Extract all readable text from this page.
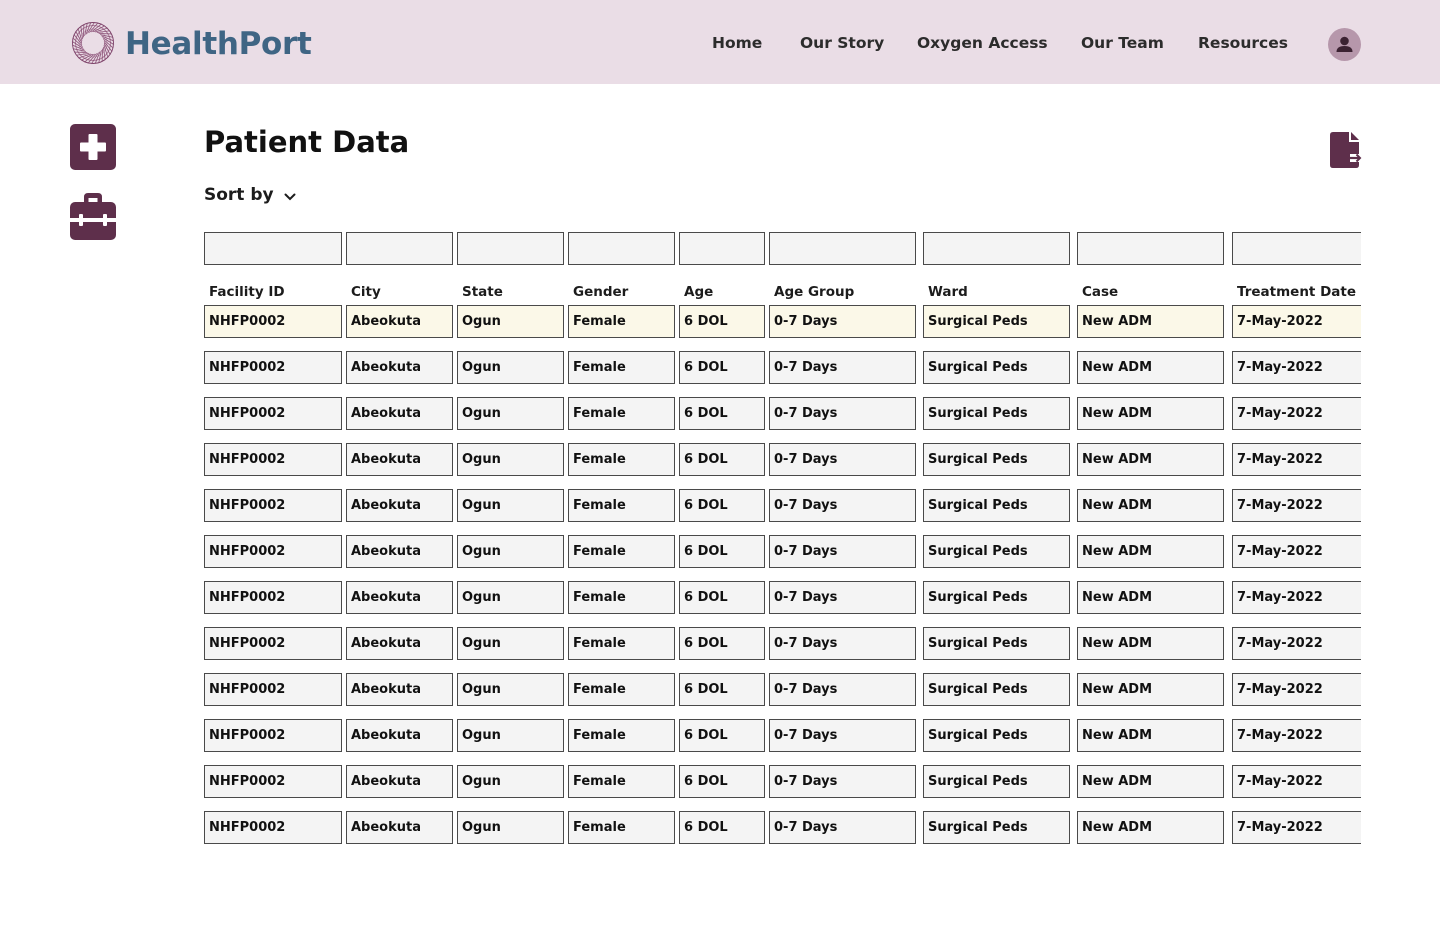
HealthPort	Home Our Story Oxygen Access Our Team Resources
Patient Data
Sort by
Facility ID	City	State	Gender	Age	Age Group	Ward	Case	Treatment Date
NHFP0002	Abeokuta	Ogun	Female	6 DOL	0-7 Days	Surgical Peds	New ADM	7-May-2022
NHFP0002	Abeokuta	Ogun	Female	6 DOL	0-7 Days	Surgical Peds	New ADM	7-May-2022
NHFP0002	Abeokuta	Ogun	Female	6 DOL	0-7 Days	Surgical Peds	New ADM	7-May-2022
NHFP0002	Abeokuta	Ogun	Female	6 DOL	0-7 Days	Surgical Peds	New ADM	7-May-2022
NHFP0002	Abeokuta	Ogun	Female	6 DOL	0-7 Days	Surgical Peds	New ADM	7-May-2022
NHFP0002	Abeokuta	Ogun	Female	6 DOL	0-7 Days	Surgical Peds	New ADM	7-May-2022
NHFP0002	Abeokuta	Ogun	Female	6 DOL	0-7 Days	Surgical Peds	New ADM	7-May-2022
NHFP0002	Abeokuta	Ogun	Female	6 DOL	0-7 Days	Surgical Peds	New ADM	7-May-2022
NHFP0002	Abeokuta	Ogun	Female	6 DOL	0-7 Days	Surgical Peds	New ADM	7-May-2022
NHFP0002	Abeokuta	Ogun	Female	6 DOL	0-7 Days	Surgical Peds	New ADM	7-May-2022
NHFP0002	Abeokuta	Ogun	Female	6 DOL	0-7 Days	Surgical Peds	New ADM	7-May-2022
NHFP0002	Abeokuta	Ogun	Female	6 DOL	0-7 Days	Surgical Peds	New ADM	7-May-2022
